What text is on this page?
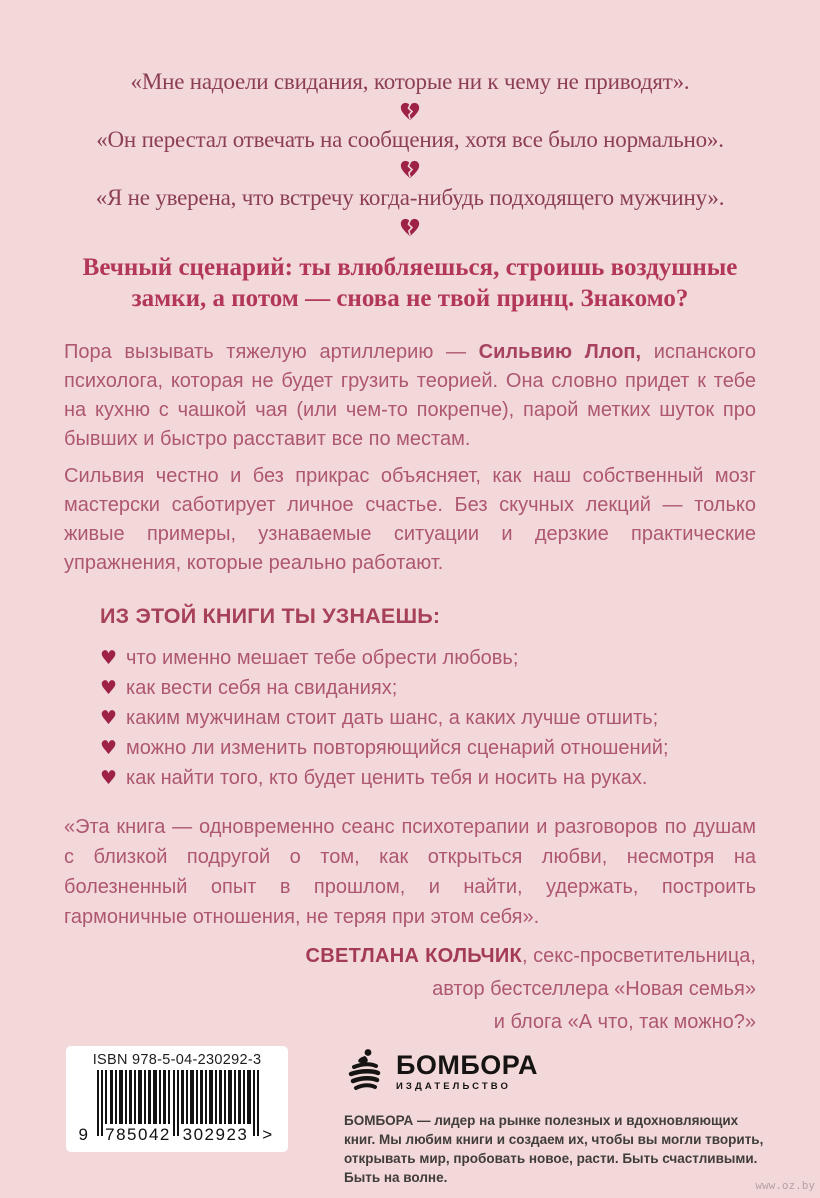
«Мне надоели свидания, которые ни к чему не приводят».
«Он перестал отвечать на сообщения, хотя все было нормально».
«Я не уверена, что встречу когда-нибудь подходящего мужчину».
Вечный сценарий: ты влюбляешься, строишь воздушные замки, а потом — снова не твой принц. Знакомо?

Пора вызывать тяжелую артиллерию — Сильвию Ллоп, испанского психолога, которая не будет грузить теорией. Она словно придет к тебе на кухню с чашкой чая (или чем-то покрепче), парой метких шуток про бывших и быстро расставит все по местам.

Сильвия честно и без прикрас объясняет, как наш собственный мозг мастерски саботирует личное счастье. Без скучных лекций — только живые примеры, узнаваемые ситуации и дерзкие практические упражнения, которые реально работают.

ИЗ ЭТОЙ КНИГИ ТЫ УЗНАЕШЬ:
♥ что именно мешает тебе обрести любовь;
♥ как вести себя на свиданиях;
♥ каким мужчинам стоит дать шанс, а каких лучше отшить;
♥ можно ли изменить повторяющийся сценарий отношений;
♥ как найти того, кто будет ценить тебя и носить на руках.

«Эта книга — одновременно сеанс психотерапии и разговоров по душам с близкой подругой о том, как открыться любви, несмотря на болезненный опыт в прошлом, и найти, удержать, построить гармоничные отношения, не теряя при этом себя».

СВЕТЛАНА КОЛЬЧИК, секс-просветительница,
автор бестселлера «Новая семья»
и блога «А что, так можно?»
ISBN 978-5-04-230292-3
9 785042 302923 >
БОМБОРА
ИЗДАТЕЛЬСТВО

БОМБОРА — лидер на рынке полезных и вдохновляющих книг. Мы любим книги и создаем их, чтобы вы могли творить, открывать мир, пробовать новое, расти. Быть счастливыми. Быть на волне.

www.oz.by
